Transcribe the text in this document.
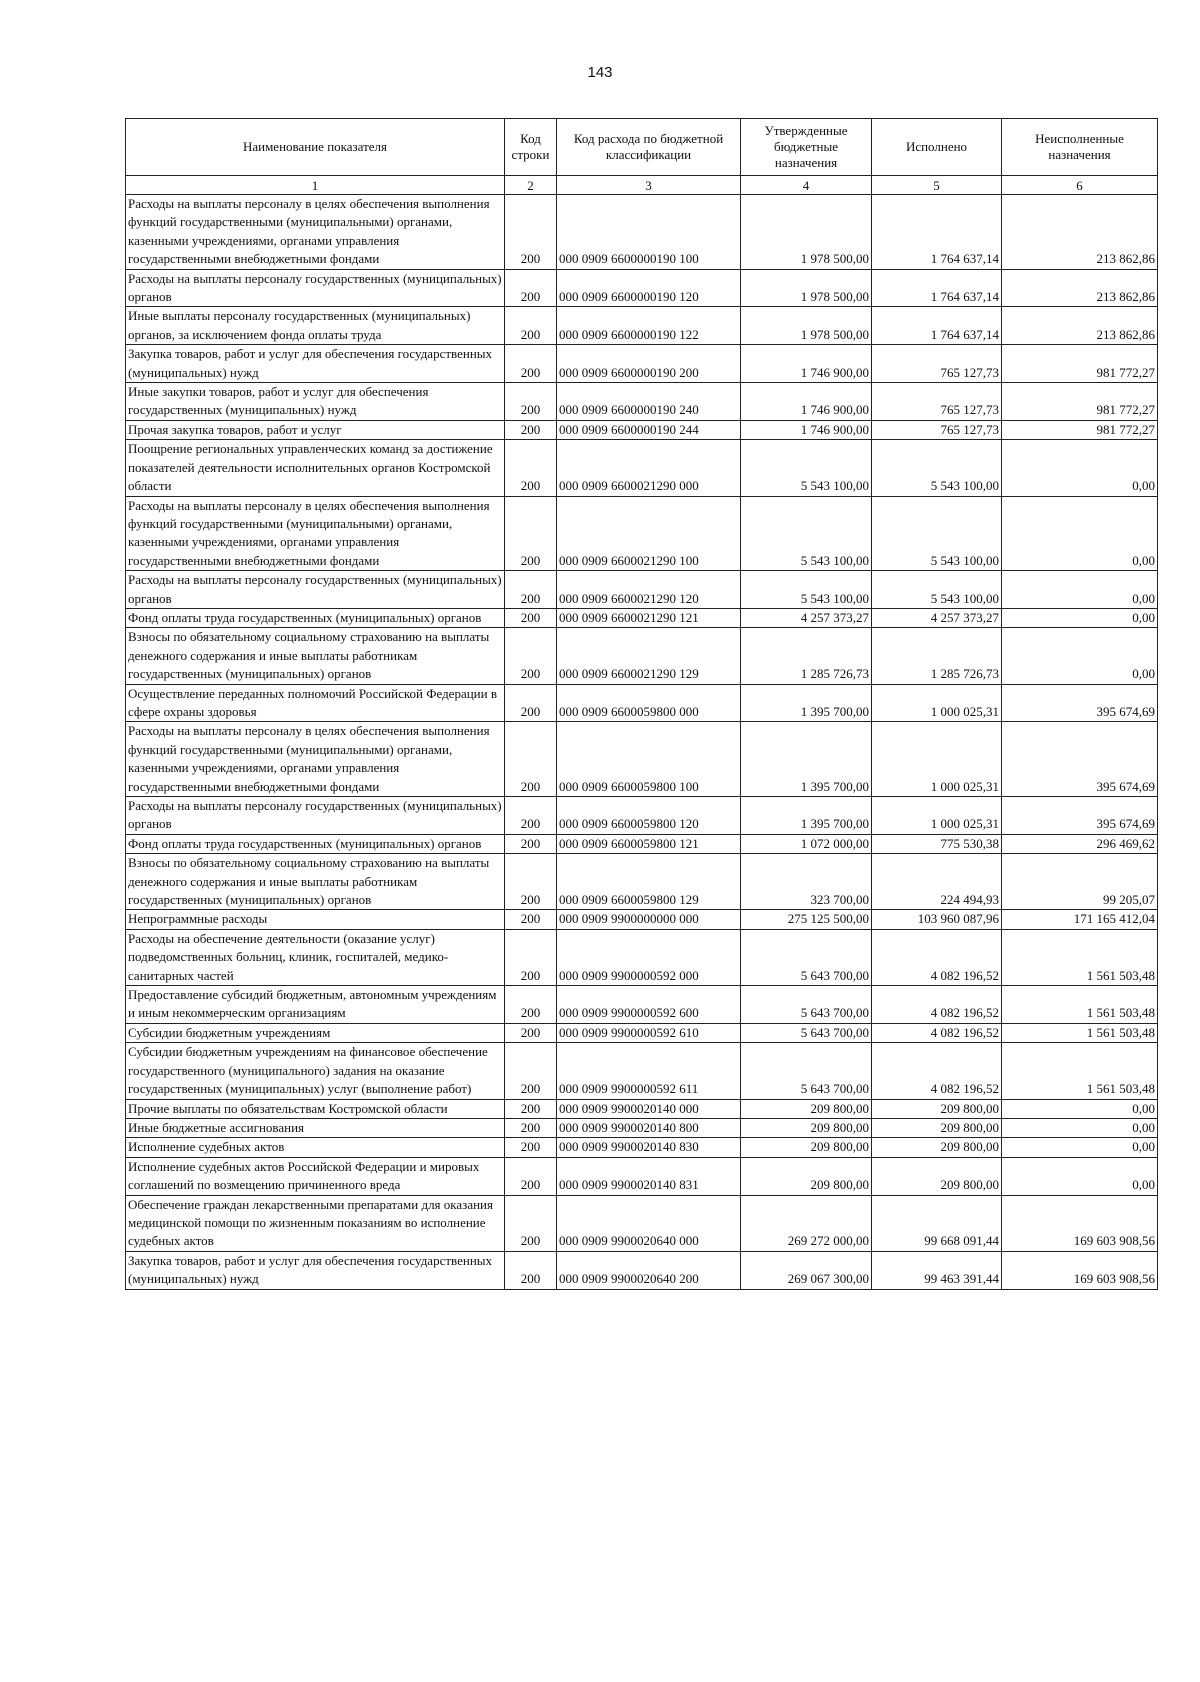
143
Наименование показателя	Код строки	Код расхода по бюджетной классификации	Утвержденные бюджетные назначения	Исполнено	Неисполненные назначения
1	2	3	4	5	6
Расходы на выплаты персоналу в целях обеспечения выполнения функций государственными (муниципальными) органами, казенными учреждениями, органами управления государственными внебюджетными фондами	200	000 0909 6600000190 100	1 978 500,00	1 764 637,14	213 862,86
Расходы на выплаты персоналу государственных (муниципальных) органов	200	000 0909 6600000190 120	1 978 500,00	1 764 637,14	213 862,86
Иные выплаты персоналу государственных (муниципальных) органов, за исключением фонда оплаты труда	200	000 0909 6600000190 122	1 978 500,00	1 764 637,14	213 862,86
Закупка товаров, работ и услуг для обеспечения государственных (муниципальных) нужд	200	000 0909 6600000190 200	1 746 900,00	765 127,73	981 772,27
Иные закупки товаров, работ и услуг для обеспечения государственных (муниципальных) нужд	200	000 0909 6600000190 240	1 746 900,00	765 127,73	981 772,27
Прочая закупка товаров, работ и услуг	200	000 0909 6600000190 244	1 746 900,00	765 127,73	981 772,27
Поощрение региональных управленческих команд за достижение показателей деятельности исполнительных органов Костромской области	200	000 0909 6600021290 000	5 543 100,00	5 543 100,00	0,00
Расходы на выплаты персоналу в целях обеспечения выполнения функций государственными (муниципальными) органами, казенными учреждениями, органами управления государственными внебюджетными фондами	200	000 0909 6600021290 100	5 543 100,00	5 543 100,00	0,00
Расходы на выплаты персоналу государственных (муниципальных) органов	200	000 0909 6600021290 120	5 543 100,00	5 543 100,00	0,00
Фонд оплаты труда государственных (муниципальных) органов	200	000 0909 6600021290 121	4 257 373,27	4 257 373,27	0,00
Взносы по обязательному социальному страхованию на выплаты денежного содержания и иные выплаты работникам государственных (муниципальных) органов	200	000 0909 6600021290 129	1 285 726,73	1 285 726,73	0,00
Осуществление переданных полномочий Российской Федерации в сфере охраны здоровья	200	000 0909 6600059800 000	1 395 700,00	1 000 025,31	395 674,69
Расходы на выплаты персоналу в целях обеспечения выполнения функций государственными (муниципальными) органами, казенными учреждениями, органами управления государственными внебюджетными фондами	200	000 0909 6600059800 100	1 395 700,00	1 000 025,31	395 674,69
Расходы на выплаты персоналу государственных (муниципальных) органов	200	000 0909 6600059800 120	1 395 700,00	1 000 025,31	395 674,69
Фонд оплаты труда государственных (муниципальных) органов	200	000 0909 6600059800 121	1 072 000,00	775 530,38	296 469,62
Взносы по обязательному социальному страхованию на выплаты денежного содержания и иные выплаты работникам государственных (муниципальных) органов	200	000 0909 6600059800 129	323 700,00	224 494,93	99 205,07
Непрограммные расходы	200	000 0909 9900000000 000	275 125 500,00	103 960 087,96	171 165 412,04
Расходы на обеспечение деятельности (оказание услуг) подведомственных больниц, клиник, госпиталей, медико-санитарных частей	200	000 0909 9900000592 000	5 643 700,00	4 082 196,52	1 561 503,48
Предоставление субсидий бюджетным, автономным учреждениям и иным некоммерческим организациям	200	000 0909 9900000592 600	5 643 700,00	4 082 196,52	1 561 503,48
Субсидии бюджетным учреждениям	200	000 0909 9900000592 610	5 643 700,00	4 082 196,52	1 561 503,48
Субсидии бюджетным учреждениям на финансовое обеспечение государственного (муниципального) задания на оказание государственных (муниципальных) услуг (выполнение работ)	200	000 0909 9900000592 611	5 643 700,00	4 082 196,52	1 561 503,48
Прочие выплаты по обязательствам Костромской области	200	000 0909 9900020140 000	209 800,00	209 800,00	0,00
Иные бюджетные ассигнования	200	000 0909 9900020140 800	209 800,00	209 800,00	0,00
Исполнение судебных актов	200	000 0909 9900020140 830	209 800,00	209 800,00	0,00
Исполнение судебных актов Российской Федерации и мировых соглашений по возмещению причиненного вреда	200	000 0909 9900020140 831	209 800,00	209 800,00	0,00
Обеспечение граждан лекарственными препаратами для оказания медицинской помощи по жизненным показаниям во исполнение судебных актов	200	000 0909 9900020640 000	269 272 000,00	99 668 091,44	169 603 908,56
Закупка товаров, работ и услуг для обеспечения государственных (муниципальных) нужд	200	000 0909 9900020640 200	269 067 300,00	99 463 391,44	169 603 908,56
